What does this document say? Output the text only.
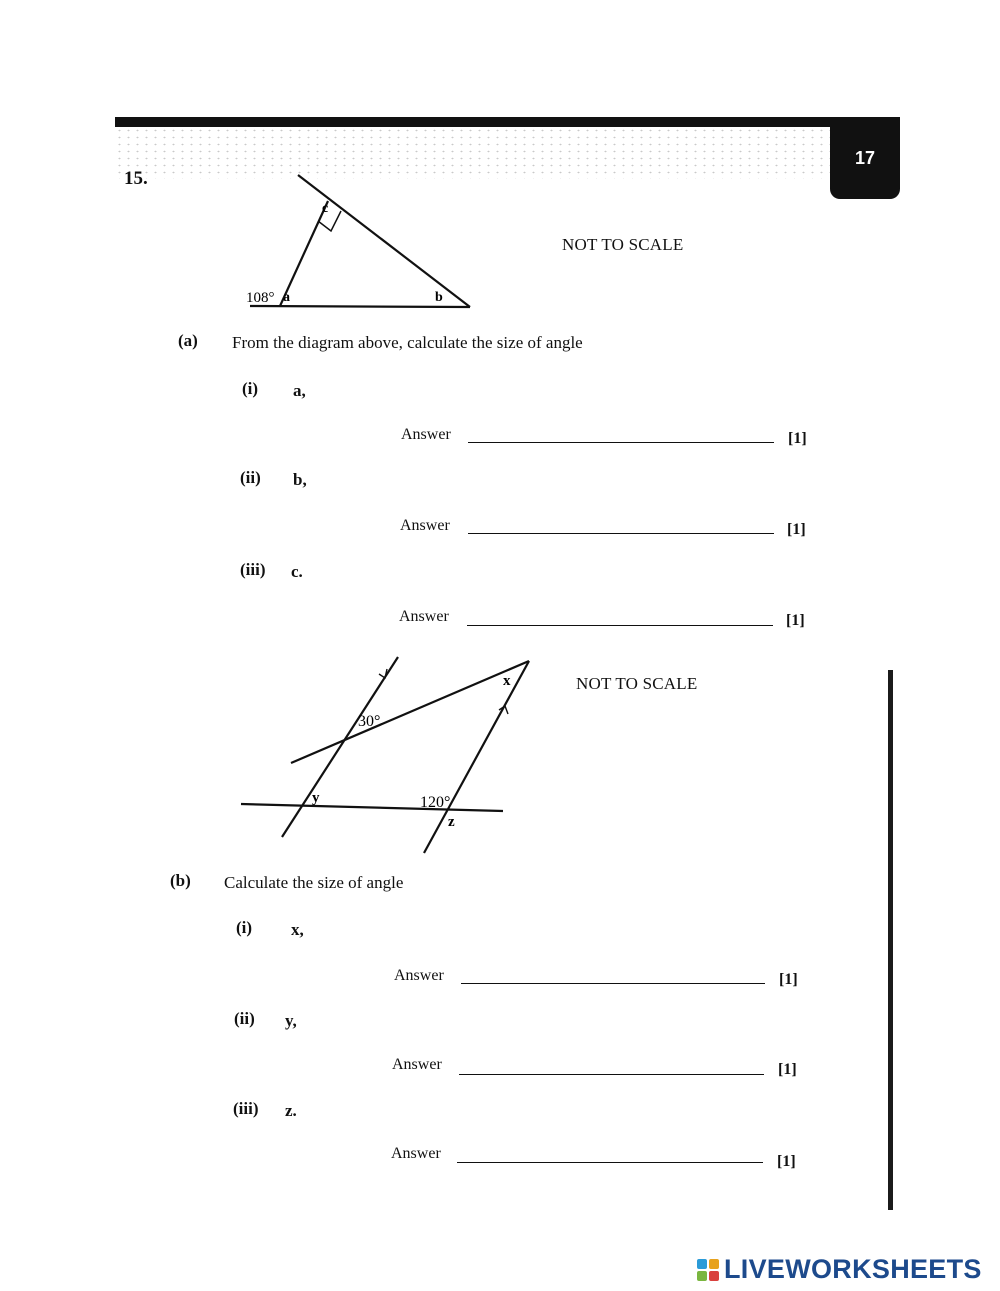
17
15.
c
108° a	b
NOT TO SCALE
(a) From the diagram above, calculate the size of angle
(i) a,
Answer	[1]
(ii) b,
Answer	[1]
(iii) c.
Answer	[1]
x
30°
y	120°
z
NOT TO SCALE
(b) Calculate the size of angle
(i) x,
Answer	[1]
(ii) y,
Answer	[1]
(iii) z.
Answer	[1]
LIVEWORKSHEETS
